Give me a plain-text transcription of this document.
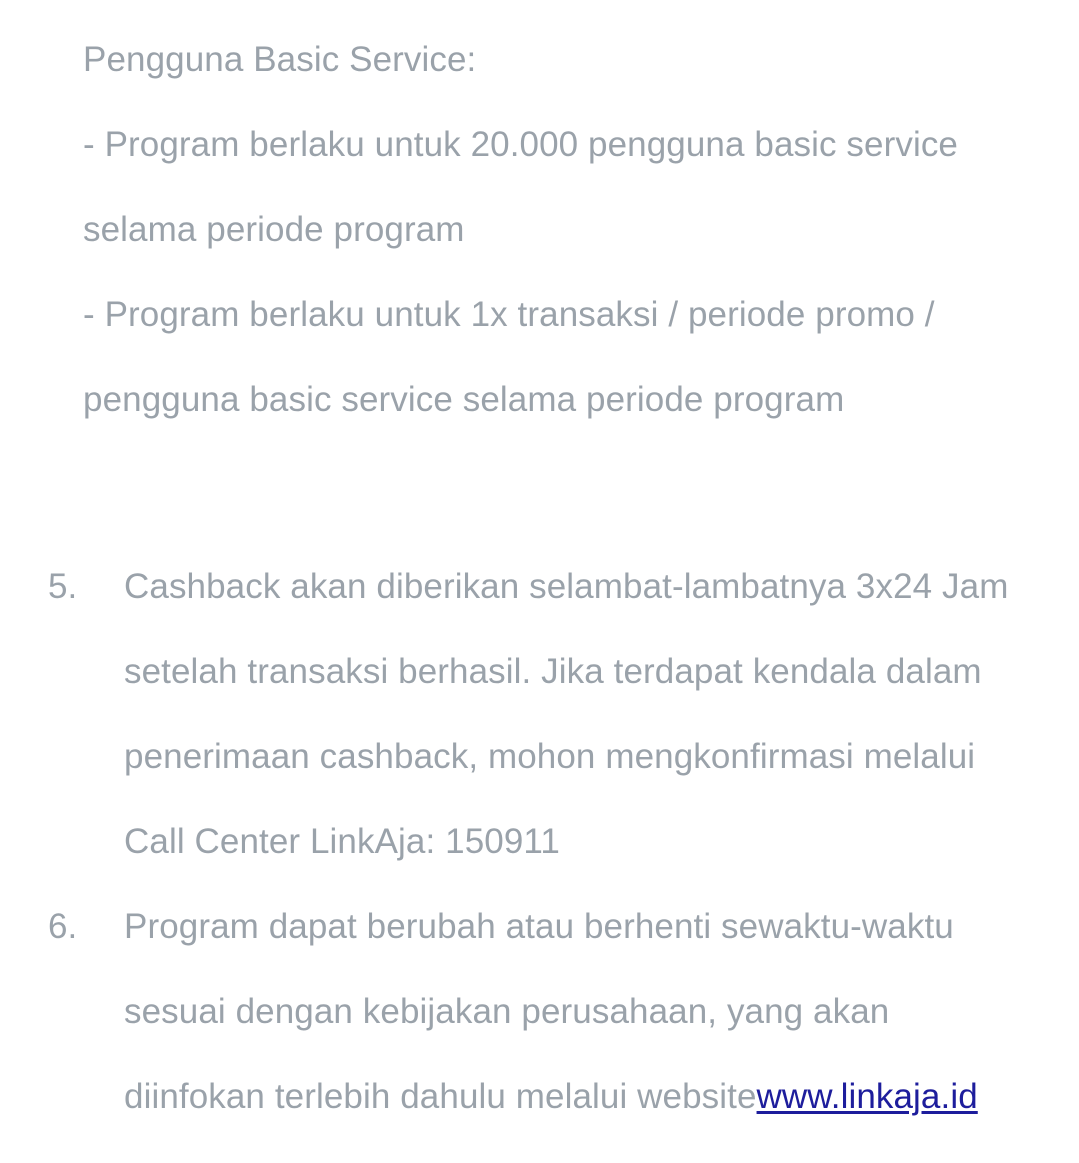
Pengguna Basic Service:
- Program berlaku untuk 20.000 pengguna basic service
selama periode program
- Program berlaku untuk 1x transaksi / periode promo /
pengguna basic service selama periode program
5.	Cashback akan diberikan selambat-lambatnya 3x24 Jam
setelah transaksi berhasil. Jika terdapat kendala dalam
penerimaan cashback, mohon mengkonfirmasi melalui
Call Center LinkAja: 150911
6.	Program dapat berubah atau berhenti sewaktu-waktu
sesuai dengan kebijakan perusahaan, yang akan
diinfokan terlebih dahulu melalui websitewww.linkaja.id
